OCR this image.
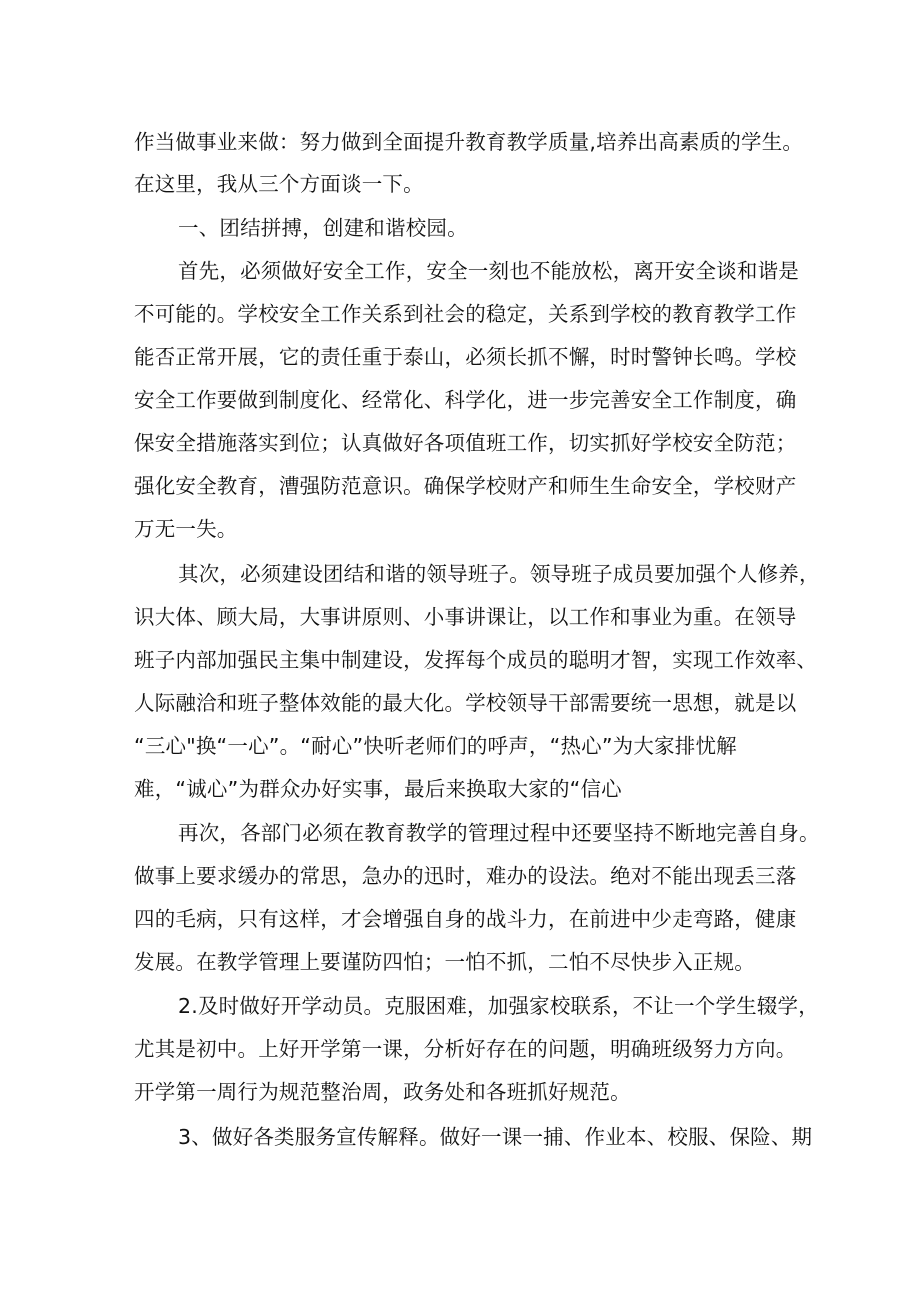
作当做事业来做：努力做到全面提升教育教学质量,培养出高素质的学生。
在这里，我从三个方面谈一下。
一、团结拼搏，创建和谐校园。
首先，必须做好安全工作，安全一刻也不能放松，离开安全谈和谐是
不可能的。学校安全工作关系到社会的稳定，关系到学校的教育教学工作
能否正常开展，它的责任重于泰山，必须长抓不懈，时时警钟长鸣。学校
安全工作要做到制度化、经常化、科学化，进一步完善安全工作制度，确
保安全措施落实到位；认真做好各项值班工作，切实抓好学校安全防范；
强化安全教育，漕强防范意识。确保学校财产和师生生命安全，学校财产
万无一失。
其次，必须建设团结和谐的领导班子。领导班子成员要加强个人修养，
识大体、顾大局，大事讲原则、小事讲课让，以工作和事业为重。在领导
班子内部加强民主集中制建设，发挥每个成员的聪明才智，实现工作效率、
人际融洽和班子整体效能的最大化。学校领导干部需要统一思想，就是以
“三心"换“一心”。“耐心”快听老师们的呼声，“热心”为大家排忧解
难，“诚心”为群众办好实事，最后来换取大家的“信心
再次，各部门必须在教育教学的管理过程中还要坚持不断地完善自身。
做事上要求缓办的常思，急办的迅时，难办的设法。绝对不能出现丢三落
四的毛病，只有这样，才会增强自身的战斗力，在前进中少走弯路，健康
发展。在教学管理上要谨防四怕；一怕不抓，二怕不尽快步入正规。
2.及时做好开学动员。克服困难，加强家校联系，不让一个学生辍学，
尤其是初中。上好开学第一课，分析好存在的问题，明确班级努力方向。
开学第一周行为规范整治周，政务处和各班抓好规范。
3、做好各类服务宣传解释。做好一课一捕、作业本、校服、保险、期
